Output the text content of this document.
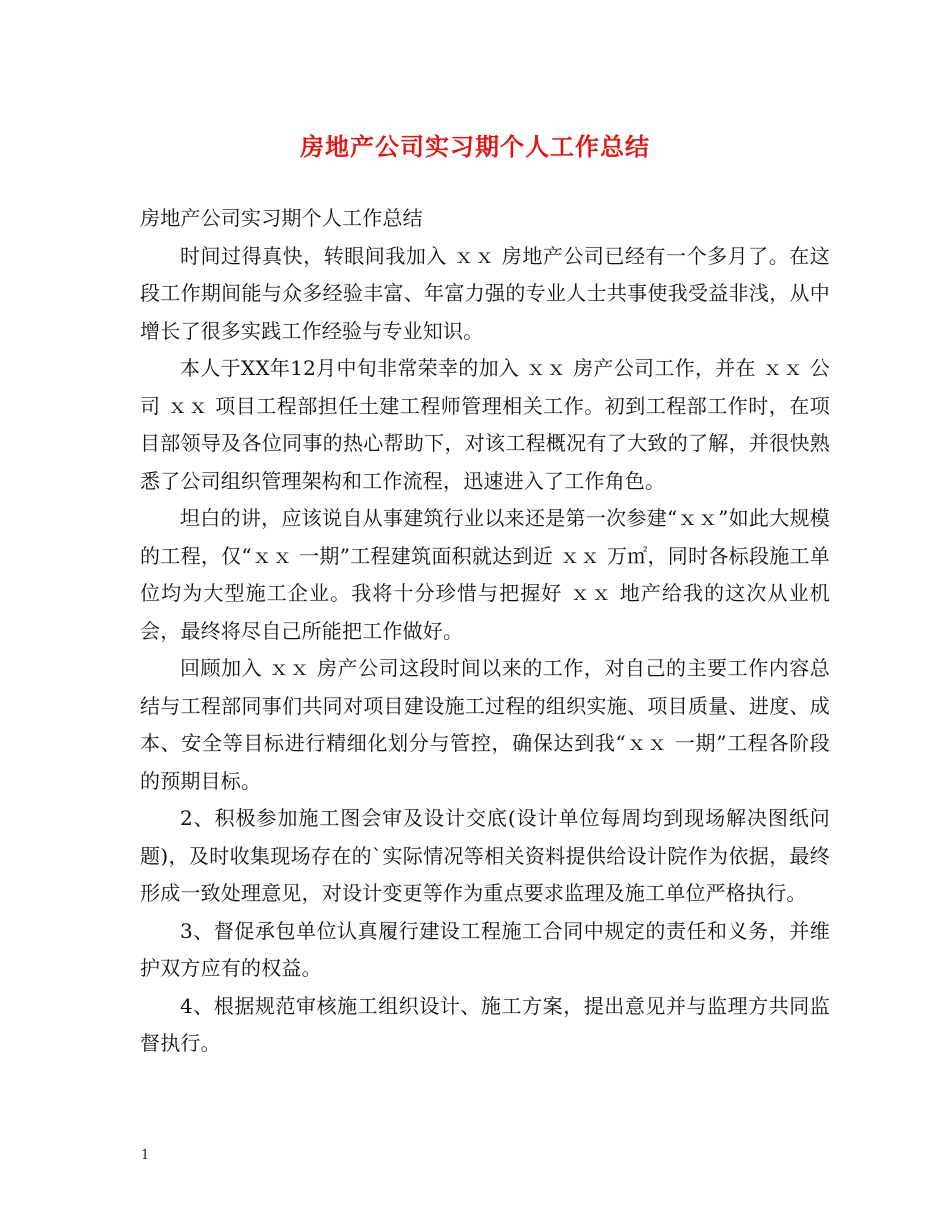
房地产公司实习期个人工作总结

房地产公司实习期个人工作总结

时间过得真快，转眼间我加入 ｘｘ 房地产公司已经有一个多月了。在这段工作期间能与众多经验丰富、年富力强的专业人士共事使我受益非浅，从中增长了很多实践工作经验与专业知识。

本人于XX年12月中旬非常荣幸的加入 ｘｘ 房产公司工作，并在 ｘｘ 公司 ｘｘ 项目工程部担任土建工程师管理相关工作。初到工程部工作时，在项目部领导及各位同事的热心帮助下，对该工程概况有了大致的了解，并很快熟悉了公司组织管理架构和工作流程，迅速进入了工作角色。

坦白的讲，应该说自从事建筑行业以来还是第一次参建“ｘｘ”如此大规模的工程，仅“ｘｘ 一期”工程建筑面积就达到近 ｘｘ 万㎡，同时各标段施工单位均为大型施工企业。我将十分珍惜与把握好 ｘｘ 地产给我的这次从业机会，最终将尽自己所能把工作做好。

回顾加入 ｘｘ 房产公司这段时间以来的工作，对自己的主要工作内容总结与工程部同事们共同对项目建设施工过程的组织实施、项目质量、进度、成本、安全等目标进行精细化划分与管控，确保达到我“ｘｘ 一期”工程各阶段的预期目标。

2、积极参加施工图会审及设计交底(设计单位每周均到现场解决图纸问题)，及时收集现场存在的`实际情况等相关资料提供给设计院作为依据，最终形成一致处理意见，对设计变更等作为重点要求监理及施工单位严格执行。

3、督促承包单位认真履行建设工程施工合同中规定的责任和义务，并维护双方应有的权益。

4、根据规范审核施工组织设计、施工方案，提出意见并与监理方共同监督执行。

1
